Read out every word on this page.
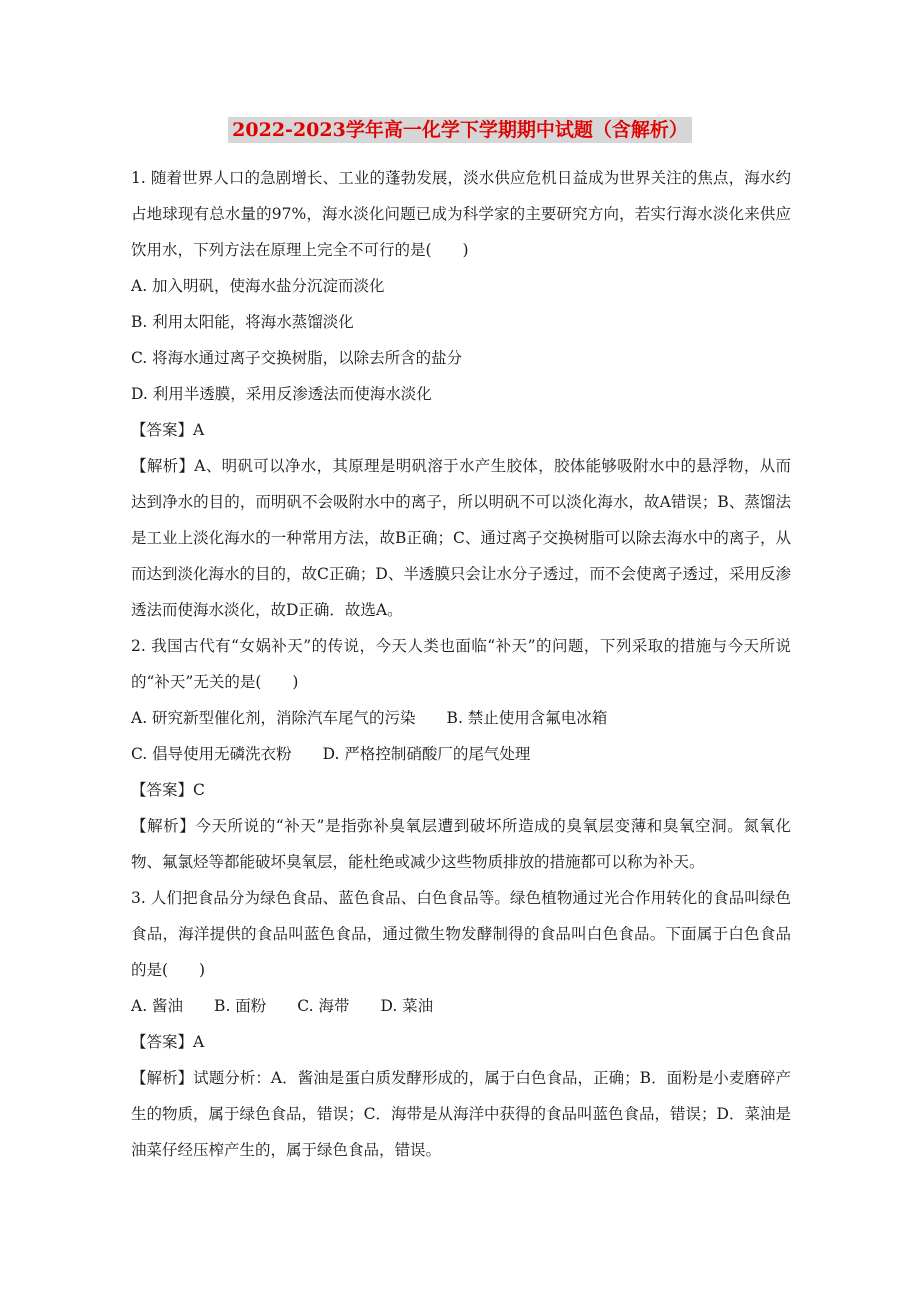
2022-2023学年高一化学下学期期中试题（含解析）

1. 随着世界人口的急剧增长、工业的蓬勃发展，淡水供应危机日益成为世界关注的焦点，海水约占地球现有总水量的97%，海水淡化问题已成为科学家的主要研究方向，若实行海水淡化来供应饮用水，下列方法在原理上完全不可行的是(　　)

A. 加入明矾，使海水盐分沉淀而淡化

B. 利用太阳能，将海水蒸馏淡化

C. 将海水通过离子交换树脂，以除去所含的盐分

D. 利用半透膜，采用反渗透法而使海水淡化

【答案】A

【解析】A、明矾可以净水，其原理是明矾溶于水产生胶体，胶体能够吸附水中的悬浮物，从而达到净水的目的，而明矾不会吸附水中的离子，所以明矾不可以淡化海水，故A错误；B、蒸馏法是工业上淡化海水的一种常用方法，故B正确；C、通过离子交换树脂可以除去海水中的离子，从而达到淡化海水的目的，故C正确；D、半透膜只会让水分子透过，而不会使离子透过，采用反渗透法而使海水淡化，故D正确．故选A。

2. 我国古代有“女娲补天”的传说，今天人类也面临“补天”的问题，下列采取的措施与今天所说的“补天”无关的是(　　)

A. 研究新型催化剂，消除汽车尾气的污染　　B. 禁止使用含氟电冰箱

C. 倡导使用无磷洗衣粉　　D. 严格控制硝酸厂的尾气处理

【答案】C

【解析】今天所说的“补天”是指弥补臭氧层遭到破坏所造成的臭氧层变薄和臭氧空洞。氮氧化物、氟氯烃等都能破坏臭氧层，能杜绝或减少这些物质排放的措施都可以称为补天。

3. 人们把食品分为绿色食品、蓝色食品、白色食品等。绿色植物通过光合作用转化的食品叫绿色食品，海洋提供的食品叫蓝色食品，通过微生物发酵制得的食品叫白色食品。下面属于白色食品的是(　　)

A. 酱油　　B. 面粉　　C. 海带　　D. 菜油

【答案】A

【解析】试题分析：A．酱油是蛋白质发酵形成的，属于白色食品，正确；B．面粉是小麦磨碎产生的物质，属于绿色食品，错误；C．海带是从海洋中获得的食品叫蓝色食品，错误；D．菜油是油菜仔经压榨产生的，属于绿色食品，错误。
